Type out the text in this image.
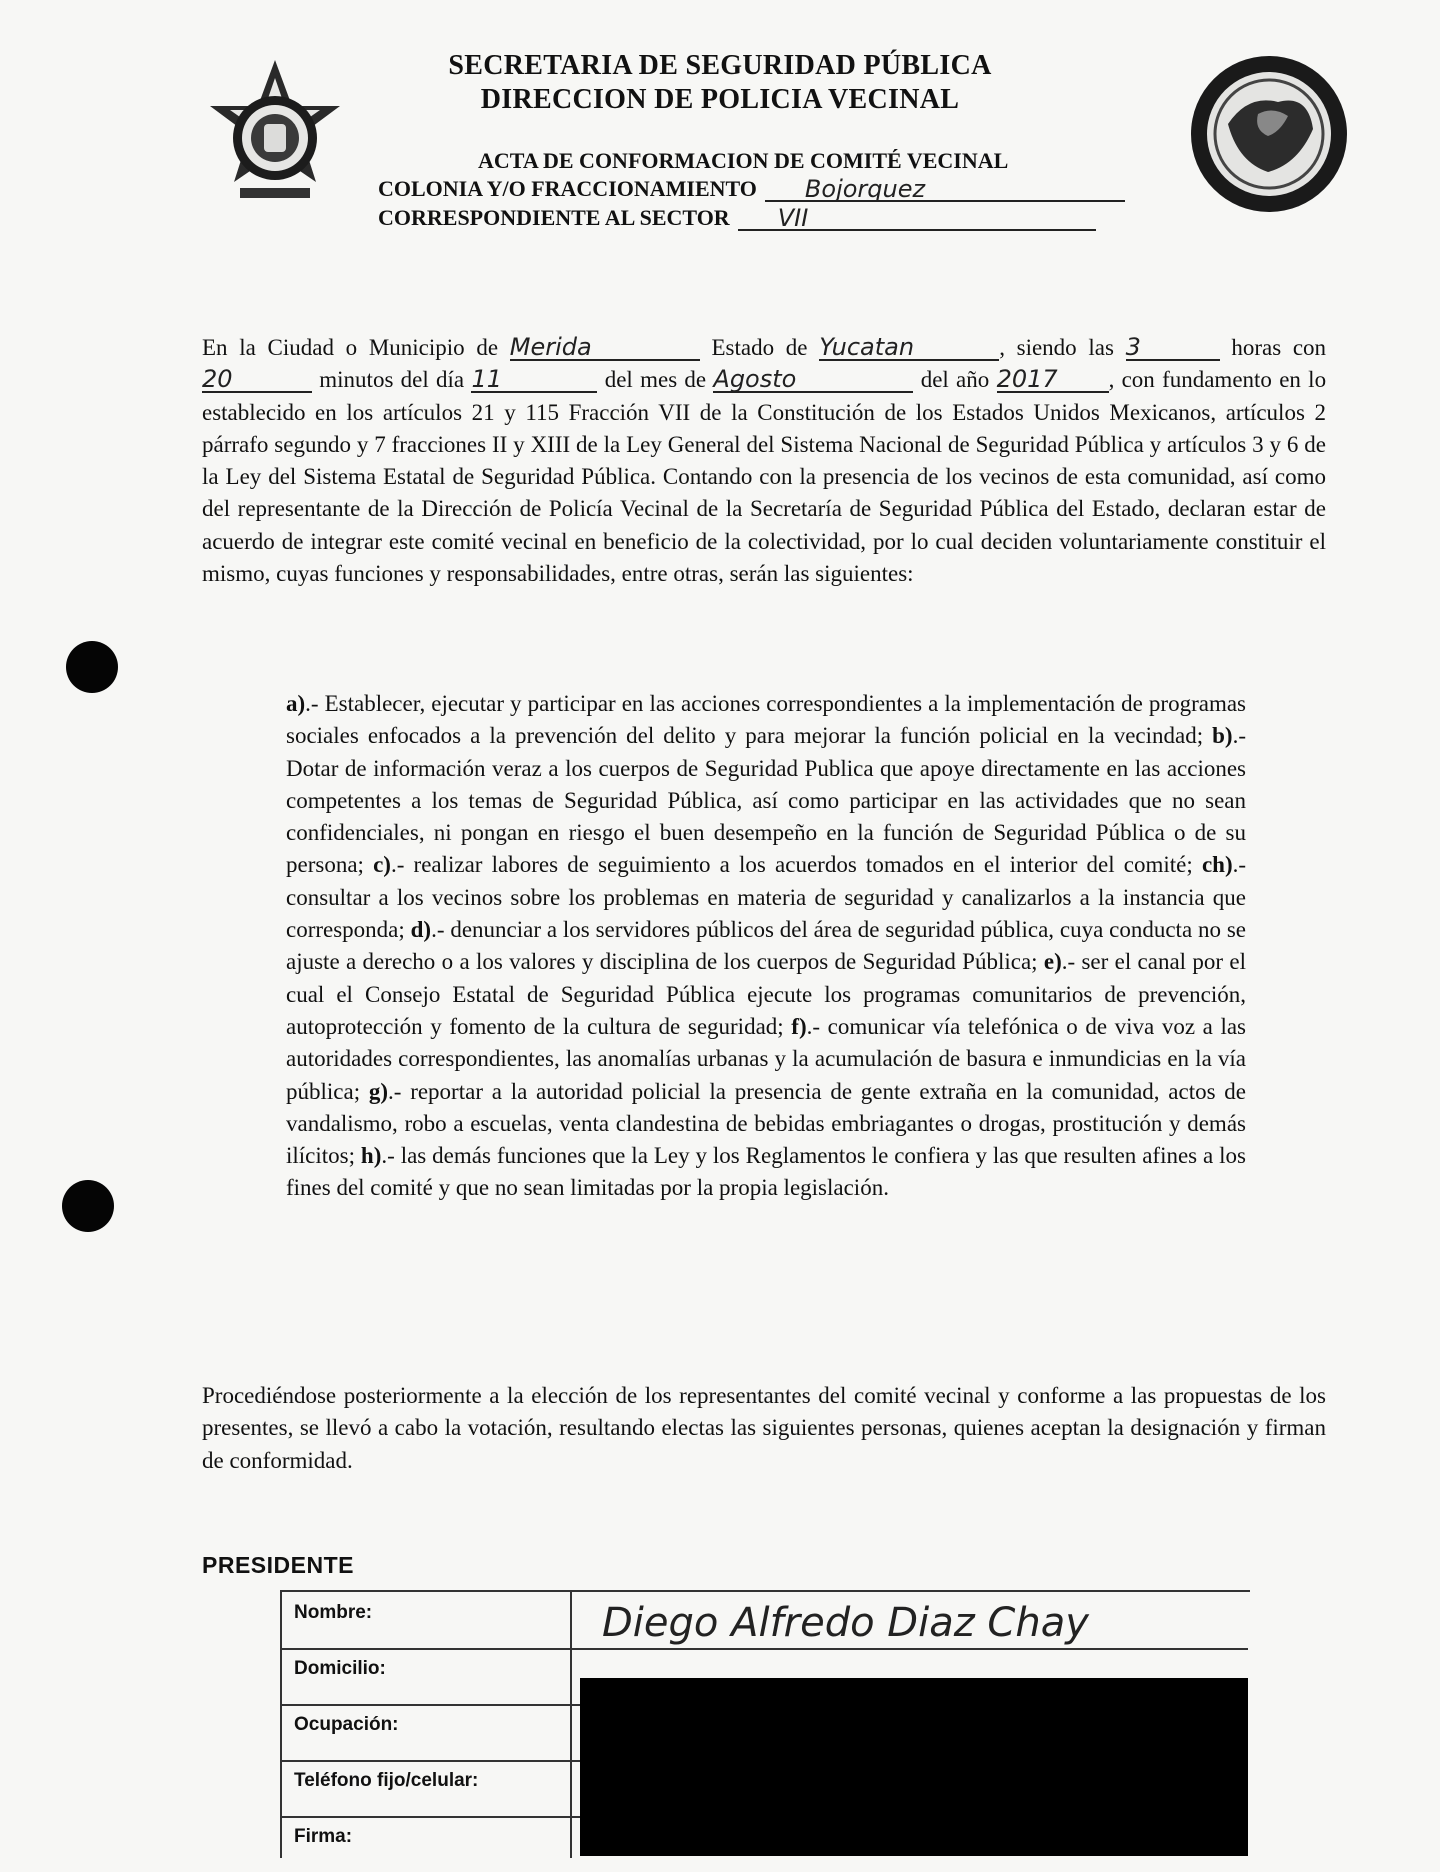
SECRETARIA DE SEGURIDAD PÚBLICA
DIRECCION DE POLICIA VECINAL
ACTA DE CONFORMACION DE COMITÉ VECINAL
COLONIA Y/O FRACCIONAMIENTO	Bojorquez
CORRESPONDIENTE AL SECTOR	VII
En la Ciudad o Municipio de Merida	Estado de Yucatan	, siendo las 3	horas con 20	minutos del día 11	del mes de Agosto	del año 2017 , con fundamento en lo establecido en los artículos 21 y 115 Fracción VII de la Constitución de los Estados Unidos Mexicanos, artículos 2 párrafo segundo y 7 fracciones II y XIII de la Ley General del Sistema Nacional de Seguridad Pública y artículos 3 y 6 de la Ley del Sistema Estatal de Seguridad Pública. Contando con la presencia de los vecinos de esta comunidad, así como del representante de la Dirección de Policía Vecinal de la Secretaría de Seguridad Pública del Estado, declaran estar de acuerdo de integrar este comité vecinal en beneficio de la colectividad, por lo cual deciden voluntariamente constituir el mismo, cuyas funciones y responsabilidades, entre otras, serán las siguientes:
a).- Establecer, ejecutar y participar en las acciones correspondientes a la implementación de programas sociales enfocados a la prevención del delito y para mejorar la función policial en la vecindad; b).- Dotar de información veraz a los cuerpos de Seguridad Publica que apoye directamente en las acciones competentes a los temas de Seguridad Pública, así como participar en las actividades que no sean confidenciales, ni pongan en riesgo el buen desempeño en la función de Seguridad Pública o de su persona; c).- realizar labores de seguimiento a los acuerdos tomados en el interior del comité; ch).- consultar a los vecinos sobre los problemas en materia de seguridad y canalizarlos a la instancia que corresponda; d).- denunciar a los servidores públicos del área de seguridad pública, cuya conducta no se ajuste a derecho o a los valores y disciplina de los cuerpos de Seguridad Pública; e).- ser el canal por el cual el Consejo Estatal de Seguridad Pública ejecute los programas comunitarios de prevención, autoprotección y fomento de la cultura de seguridad; f).- comunicar vía telefónica o de viva voz a las autoridades correspondientes, las anomalías urbanas y la acumulación de basura e inmundicias en la vía pública; g).- reportar a la autoridad policial la presencia de gente extraña en la comunidad, actos de vandalismo, robo a escuelas, venta clandestina de bebidas embriagantes o drogas, prostitución y demás ilícitos; h).- las demás funciones que la Ley y los Reglamentos le confiera y las que resulten afines a los fines del comité y que no sean limitadas por la propia legislación.
Procediéndose posteriormente a la elección de los representantes del comité vecinal y conforme a las propuestas de los presentes, se llevó a cabo la votación, resultando electas las siguientes personas, quienes aceptan la designación y firman de conformidad.
PRESIDENTE
Nombre:	Diego Alfredo Diaz Chay
Domicilio:
Ocupación:
Teléfono fijo/celular:
Firma:
